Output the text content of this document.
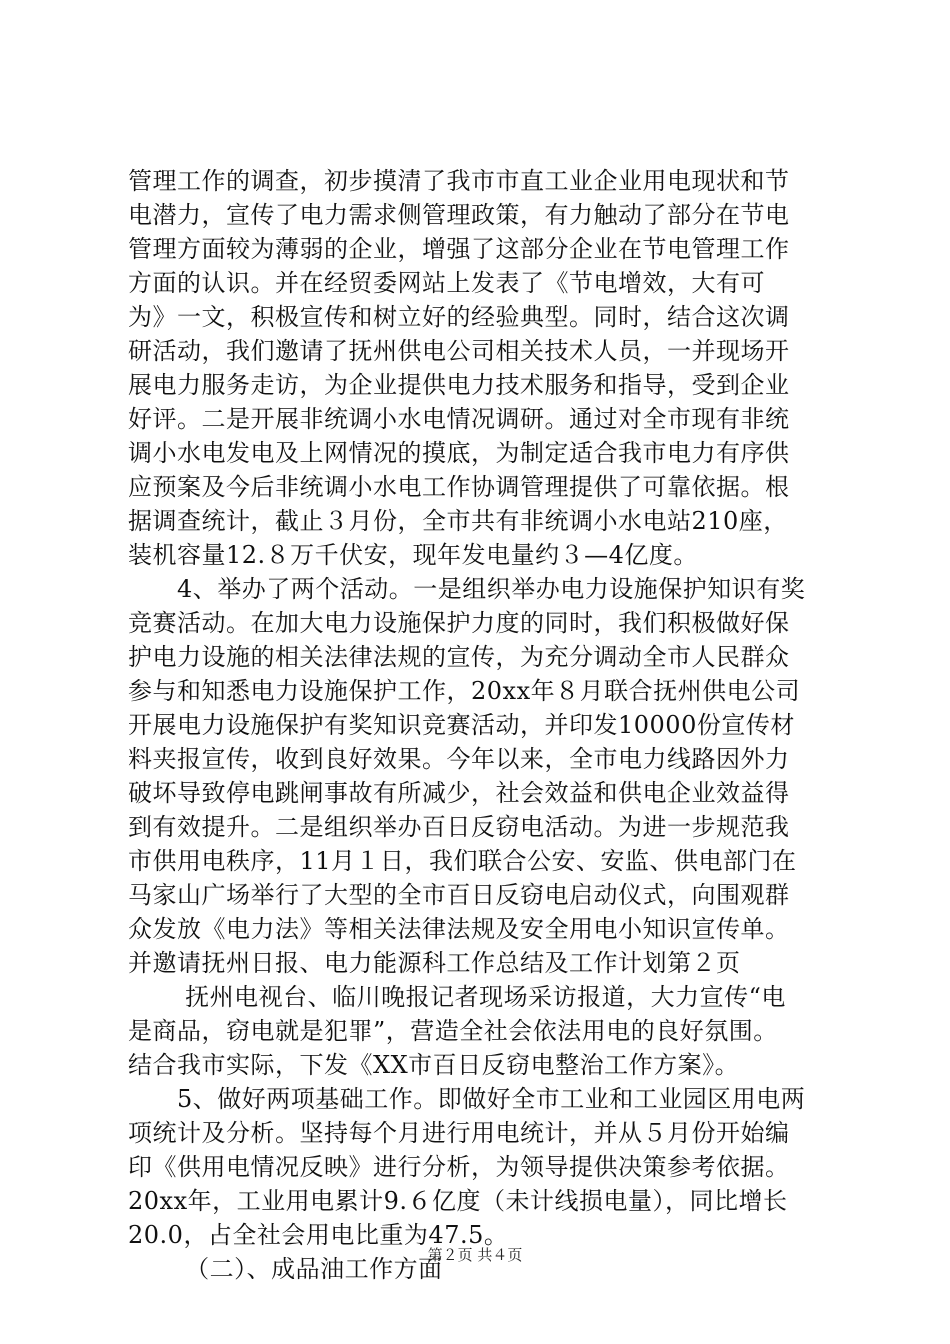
管理工作的调查，初步摸清了我市市直工业企业用电现状和节
电潜力，宣传了电力需求侧管理政策，有力触动了部分在节电
管理方面较为薄弱的企业，增强了这部分企业在节电管理工作
方面的认识。并在经贸委网站上发表了《节电增效，大有可
为》一文，积极宣传和树立好的经验典型。同时，结合这次调
研活动，我们邀请了抚州供电公司相关技术人员，一并现场开
展电力服务走访，为企业提供电力技术服务和指导，受到企业
好评。二是开展非统调小水电情况调研。通过对全市现有非统
调小水电发电及上网情况的摸底，为制定适合我市电力有序供
应预案及今后非统调小水电工作协调管理提供了可靠依据。根
据调查统计，截止３月份，全市共有非统调小水电站210座，
装机容量12.８万千伏安，现年发电量约３—4亿度。
　　4、举办了两个活动。一是组织举办电力设施保护知识有奖
竞赛活动。在加大电力设施保护力度的同时，我们积极做好保
护电力设施的相关法律法规的宣传，为充分调动全市人民群众
参与和知悉电力设施保护工作，20xx年８月联合抚州供电公司
开展电力设施保护有奖知识竞赛活动，并印发10000份宣传材
料夹报宣传，收到良好效果。今年以来，全市电力线路因外力
破坏导致停电跳闸事故有所减少，社会效益和供电企业效益得
到有效提升。二是组织举办百日反窃电活动。为进一步规范我
市供用电秩序，11月１日，我们联合公安、安监、供电部门在
马家山广场举行了大型的全市百日反窃电启动仪式，向围观群
众发放《电力法》等相关法律法规及安全用电小知识宣传单。
并邀请抚州日报、电力能源科工作总结及工作计划第２页
　　 抚州电视台、临川晚报记者现场采访报道，大力宣传“电
是商品，窃电就是犯罪”，营造全社会依法用电的良好氛围。
结合我市实际，下发《XX市百日反窃电整治工作方案》。
　　5、做好两项基础工作。即做好全市工业和工业园区用电两
项统计及分析。坚持每个月进行用电统计，并从５月份开始编
印《供用电情况反映》进行分析，为领导提供决策参考依据。
20xx年，工业用电累计9.６亿度（未计线损电量），同比增长
20.0，占全社会用电比重为47.5。
　　 （二）、成品油工作方面
第２页 共４页
